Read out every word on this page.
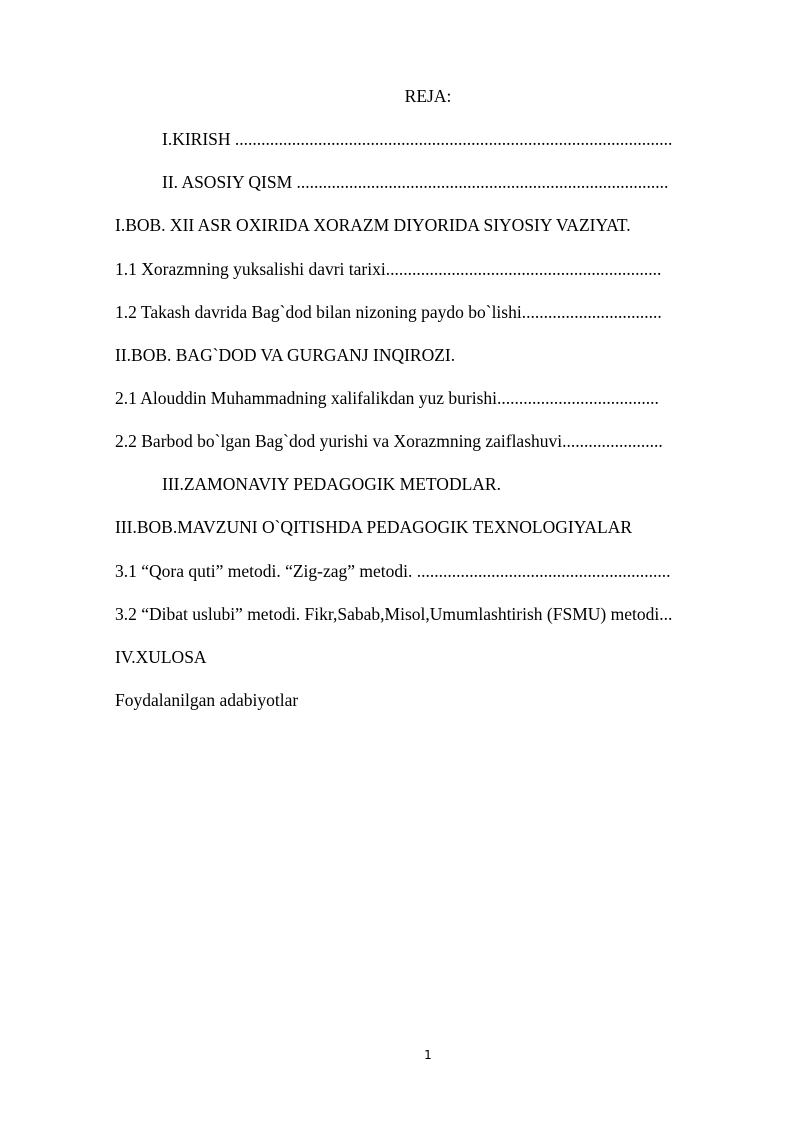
REJA:
I.KIRISH ....................................................................................................
II. ASOSIY QISM .....................................................................................
I.BOB. XII ASR OXIRIDA XORAZM DIYORIDA SIYOSIY VAZIYAT.
1.1 Xorazmning yuksalishi davri tarixi...............................................................
1.2 Takash davrida Bag`dod bilan nizoning paydo bo`lishi................................
II.BOB. BAG`DOD VA GURGANJ INQIROZI.
2.1 Alouddin Muhammadning xalifalikdan yuz burishi.....................................
2.2 Barbod bo`lgan Bag`dod yurishi va Xorazmning zaiflashuvi.......................
III.ZAMONAVIY PEDAGOGIK METODLAR.
III.BOB.MAVZUNI O`QITISHDA PEDAGOGIK TEXNOLOGIYALAR
3.1 “Qora quti” metodi. “Zig-zag” metodi. ..........................................................
3.2 “Dibat uslubi” metodi. Fikr,Sabab,Misol,Umumlashtirish (FSMU) metodi...
IV.XULOSA
Foydalanilgan adabiyotlar
1
